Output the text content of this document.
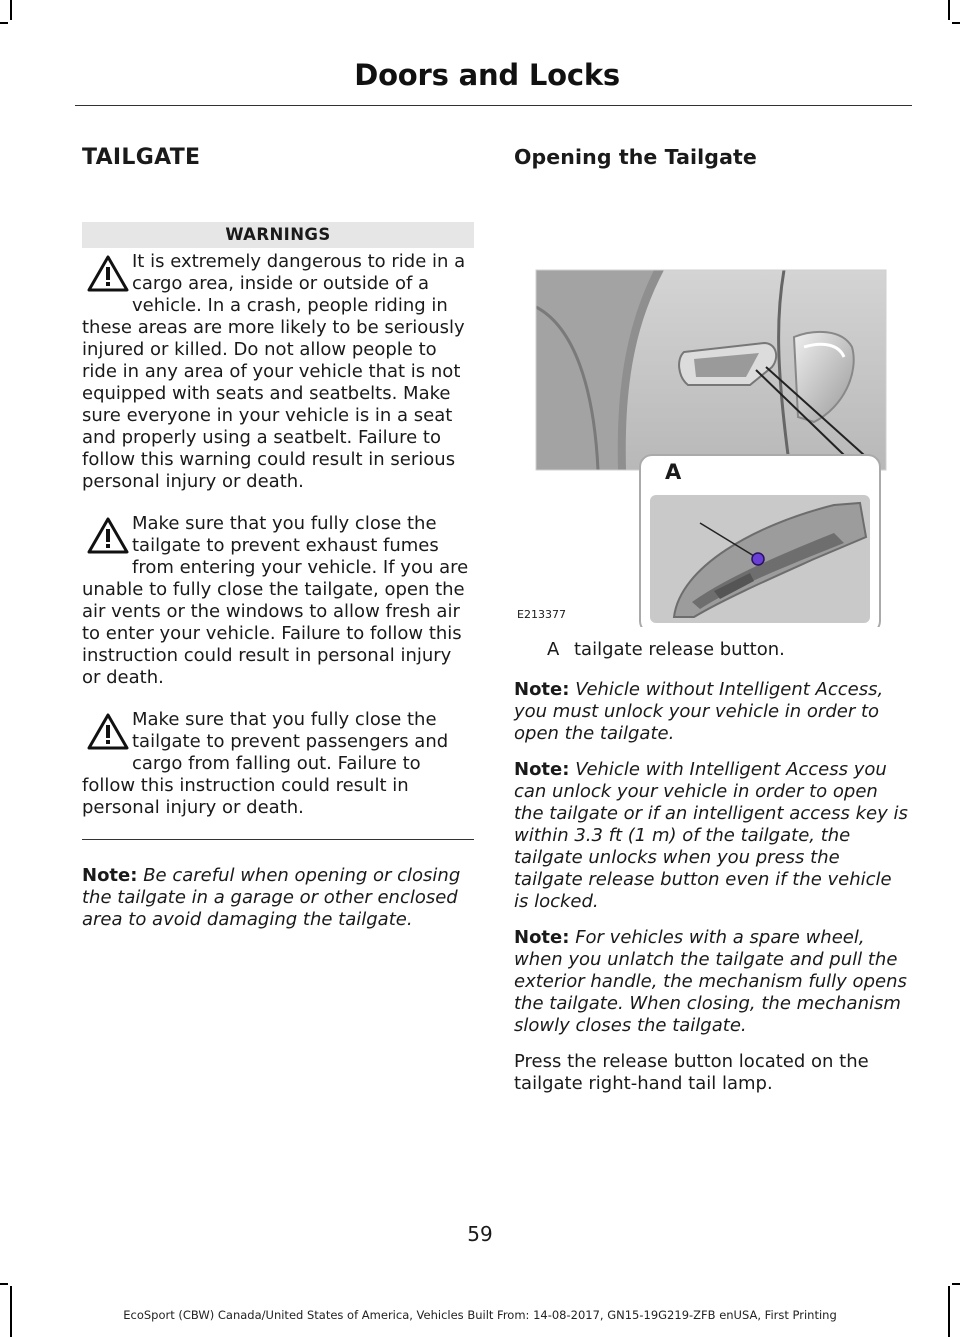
Doors and Locks
TAILGATE
WARNINGS

It is extremely dangerous to ride in a cargo area, inside or outside of a vehicle. In a crash, people riding in these areas are more likely to be seriously injured or killed. Do not allow people to ride in any area of your vehicle that is not equipped with seats and seatbelts. Make sure everyone in your vehicle is in a seat and properly using a seatbelt. Failure to follow this warning could result in serious personal injury or death.

Make sure that you fully close the tailgate to prevent exhaust fumes from entering your vehicle. If you are unable to fully close the tailgate, open the air vents or the windows to allow fresh air to enter your vehicle. Failure to follow this instruction could result in personal injury or death.

Make sure that you fully close the tailgate to prevent passengers and cargo from falling out. Failure to follow this instruction could result in personal injury or death.

Note: Be careful when opening or closing the tailgate in a garage or other enclosed area to avoid damaging the tailgate.

Opening the Tailgate
A
E213377
A tailgate release button.

Note: Vehicle without Intelligent Access, you must unlock your vehicle in order to open the tailgate.

Note: Vehicle with Intelligent Access you can unlock your vehicle in order to open the tailgate or if an intelligent access key is within 3.3 ft (1 m) of the tailgate, the tailgate unlocks when you press the tailgate release button even if the vehicle is locked.

Note: For vehicles with a spare wheel, when you unlatch the tailgate and pull the exterior handle, the mechanism fully opens the tailgate. When closing, the mechanism slowly closes the tailgate.

Press the release button located on the tailgate right-hand tail lamp.

59
EcoSport (CBW) Canada/United States of America, Vehicles Built From: 14-08-2017, GN15-19G219-ZFB enUSA, First Printing
